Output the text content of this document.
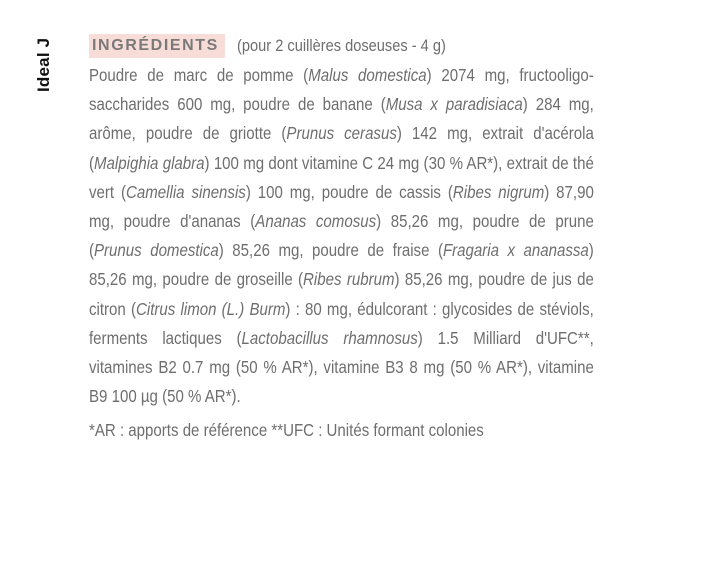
Ideal J INGRÉDIENTS	(pour 2 cuillères doseuses - 4 g)
Poudre de marc de pomme (Malus domestica) 2074 mg, fructooligo-saccharides 600 mg, poudre de banane (Musa x paradisiaca) 284 mg, arôme, poudre de griotte (Prunus cerasus) 142 mg, extrait d'acérola (Malpighia glabra) 100 mg dont vitamine C 24 mg (30 % AR*), extrait de thé vert (Camellia sinensis) 100 mg, poudre de cassis (Ribes nigrum) 87,90 mg, poudre d'ananas (Ananas comosus) 85,26 mg, poudre de prune (Prunus domestica) 85,26 mg, poudre de fraise (Fragaria x ananassa) 85,26 mg, poudre de groseille (Ribes rubrum) 85,26 mg, poudre de jus de citron (Citrus limon (L.) Burm) : 80 mg, édulcorant : glycosides de stéviols, ferments lactiques (Lactobacillus rhamnosus) 1.5 Milliard d'UFC**, vitamines B2 0.7 mg (50 % AR*), vitamine B3 8 mg (50 % AR*), vitamine B9 100 µg (50 % AR*).
*AR : apports de référence **UFC : Unités formant colonies
